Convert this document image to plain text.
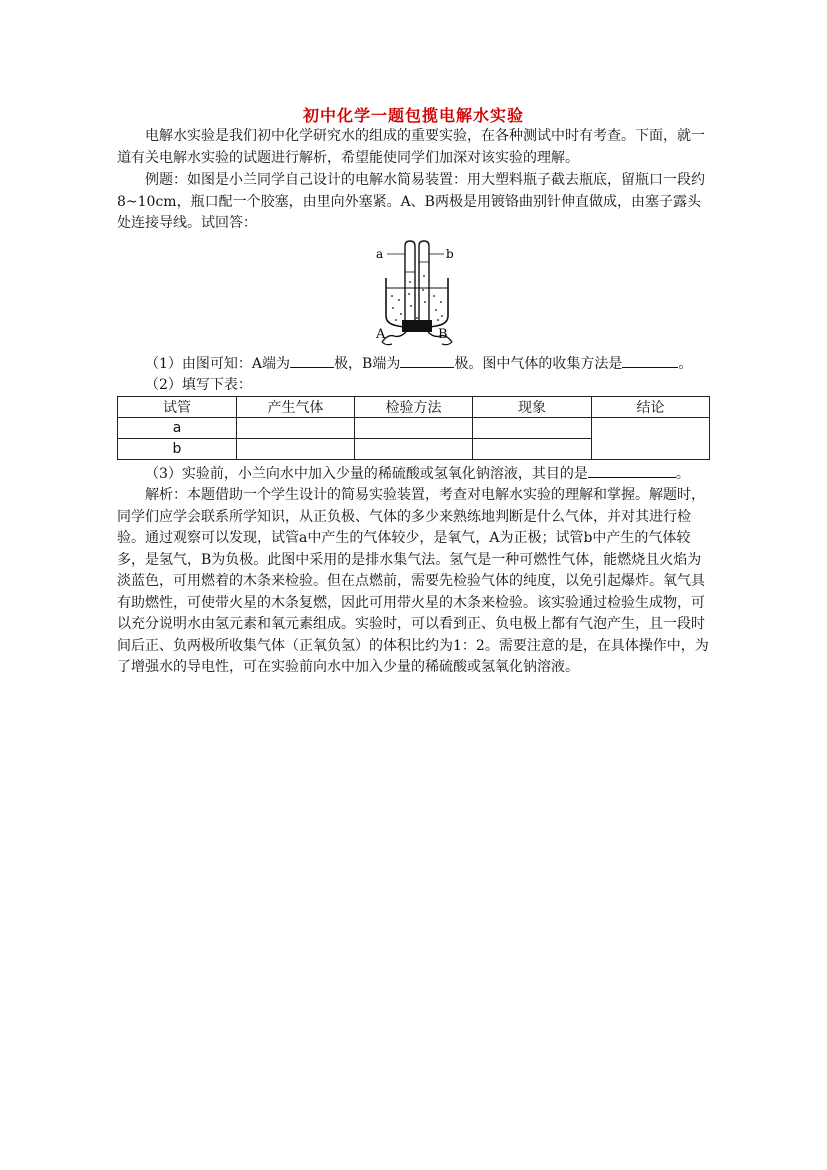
初中化学一题包揽电解水实验
电解水实验是我们初中化学研究水的组成的重要实验，在各种测试中时有考查。下面，就一道有关电解水实验的试题进行解析，希望能使同学们加深对该实验的理解。
例题：如图是小兰同学自己设计的电解水简易装置：用大塑料瓶子截去瓶底，留瓶口一段约8~10cm，瓶口配一个胶塞，由里向外塞紧。A、B两极是用镀铬曲别针伸直做成，由塞子露头处连接导线。试回答：
a	b
A	B
（1）由图可知：A端为	极，B端为	极。图中气体的收集方法是	。
（2）填写下表：
试管	产生气体	检验方法	现象	结论
a				
b				
（3）实验前，小兰向水中加入少量的稀硫酸或氢氧化钠溶液，其目的是	。
解析：本题借助一个学生设计的简易实验装置，考查对电解水实验的理解和掌握。解题时，同学们应学会联系所学知识，从正负极、气体的多少来熟练地判断是什么气体，并对其进行检验。通过观察可以发现，试管a中产生的气体较少，是氧气，A为正极；试管b中产生的气体较多，是氢气，B为负极。此图中采用的是排水集气法。氢气是一种可燃性气体，能燃烧且火焰为淡蓝色，可用燃着的木条来检验。但在点燃前，需要先检验气体的纯度，以免引起爆炸。氧气具有助燃性，可使带火星的木条复燃，因此可用带火星的木条来检验。该实验通过检验生成物，可以充分说明水由氢元素和氧元素组成。实验时，可以看到正、负电极上都有气泡产生，且一段时间后正、负两极所收集气体（正氧负氢）的体积比约为1：2。需要注意的是，在具体操作中，为了增强水的导电性，可在实验前向水中加入少量的稀硫酸或氢氧化钠溶液。
